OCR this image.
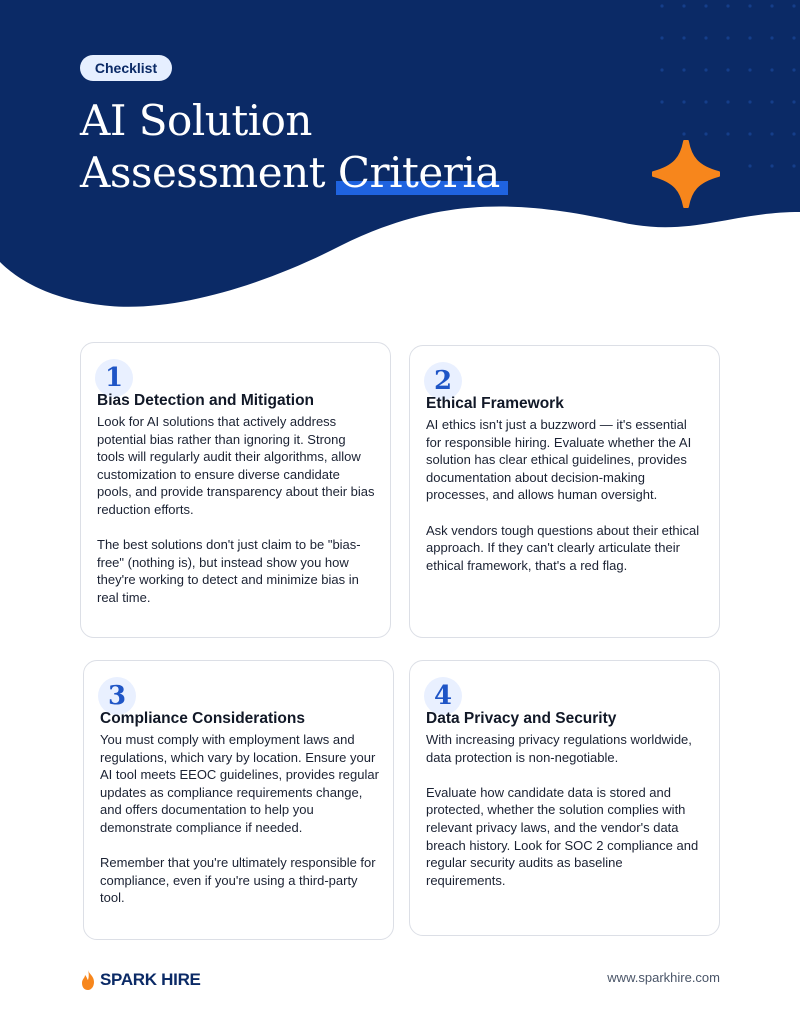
Checklist
AI Solution
Assessment Criteria
1
Bias Detection and Mitigation

Look for AI solutions that actively address potential bias rather than ignoring it. Strong tools will regularly audit their algorithms, allow customization to ensure diverse candidate pools, and provide transparency about their bias reduction efforts.

The best solutions don't just claim to be "bias-free" (nothing is), but instead show you how they're working to detect and minimize bias in real time.

2
Ethical Framework

AI ethics isn't just a buzzword — it's essential for responsible hiring. Evaluate whether the AI solution has clear ethical guidelines, provides documentation about decision-making processes, and allows human oversight.

Ask vendors tough questions about their ethical approach. If they can't clearly articulate their ethical framework, that's a red flag.

3
Compliance Considerations

You must comply with employment laws and regulations, which vary by location. Ensure your AI tool meets EEOC guidelines, provides regular updates as compliance requirements change, and offers documentation to help you demonstrate compliance if needed.

Remember that you're ultimately responsible for compliance, even if you're using a third-party tool.

4
Data Privacy and Security

With increasing privacy regulations worldwide, data protection is non-negotiable.

Evaluate how candidate data is stored and protected, whether the solution complies with relevant privacy laws, and the vendor's data breach history. Look for SOC 2 compliance and regular security audits as baseline requirements.

SPARK HIRE	www.sparkhire.com
